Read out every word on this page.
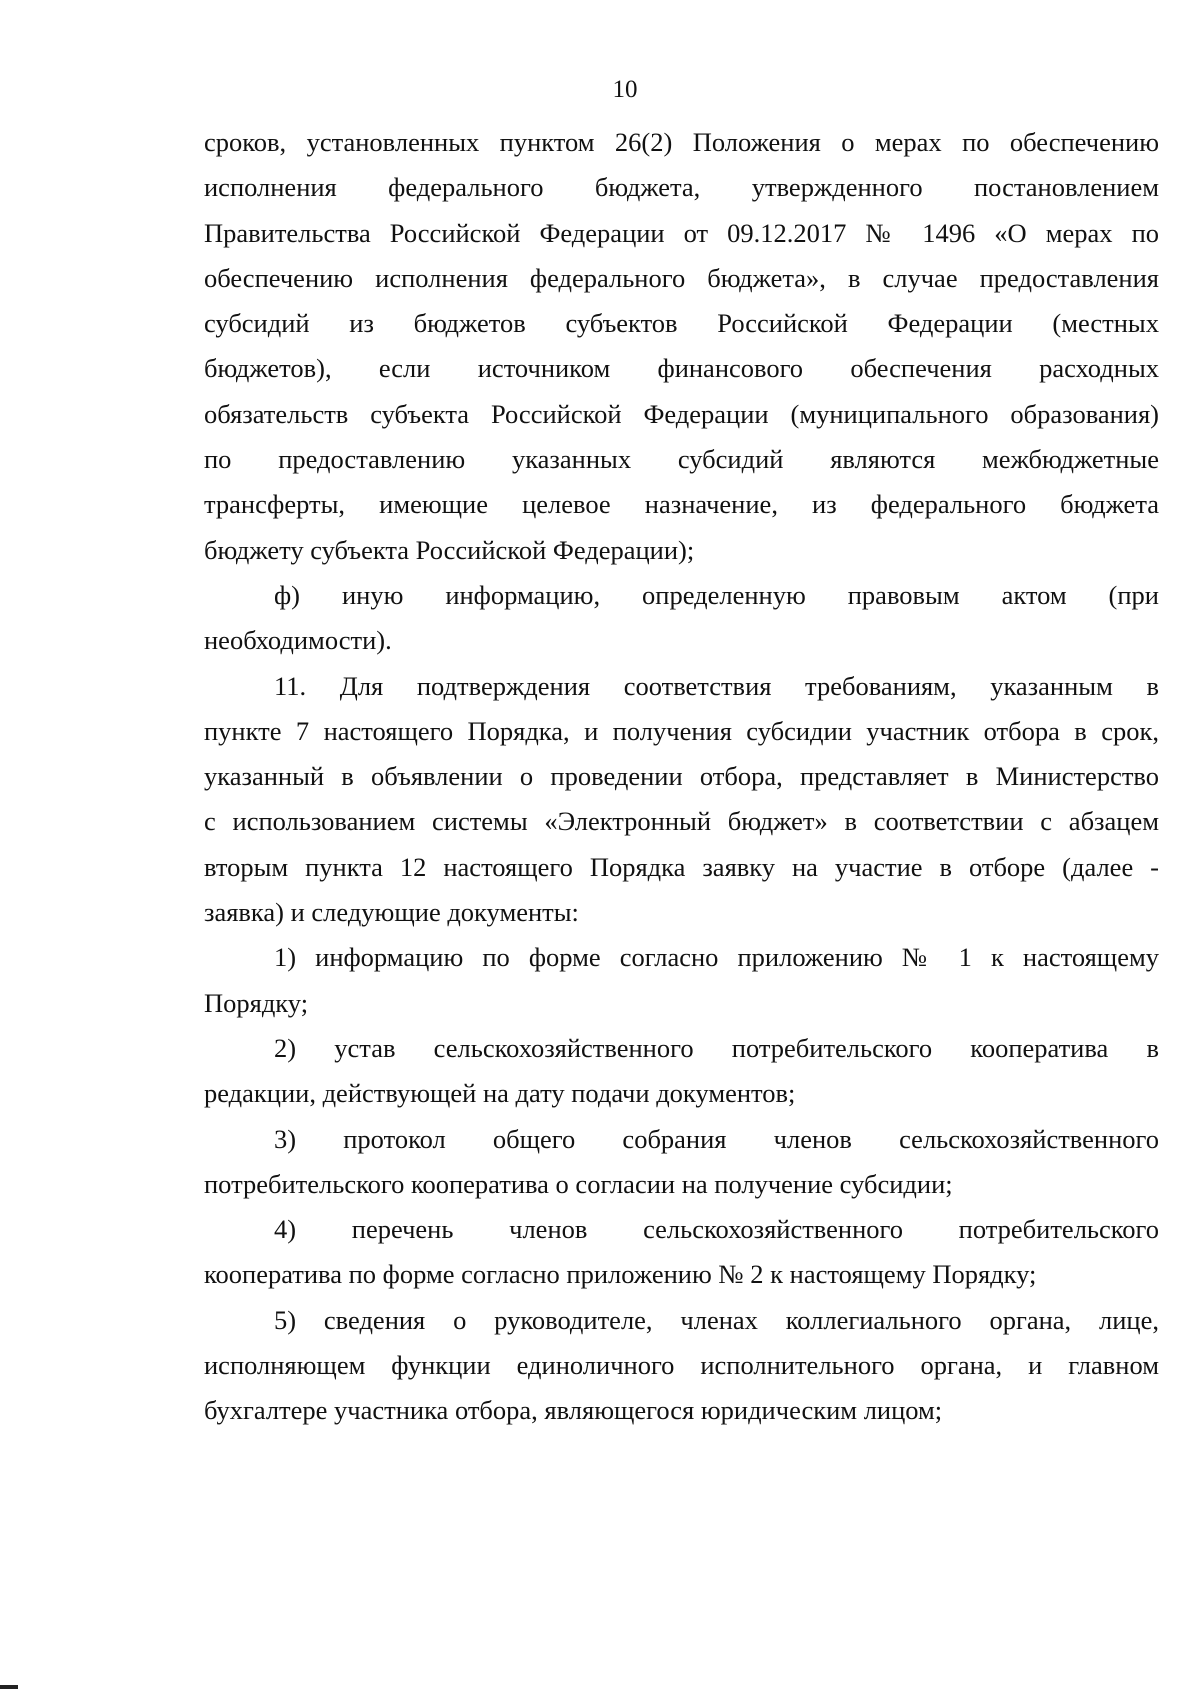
10
сроков, установленных пунктом 26(2) Положения о мерах по обеспечению
исполнения федерального бюджета, утвержденного постановлением
Правительства Российской Федерации от 09.12.2017 № 1496 «О мерах по
обеспечению исполнения федерального бюджета», в случае предоставления
субсидий из бюджетов субъектов Российской Федерации (местных
бюджетов), если источником финансового обеспечения расходных
обязательств субъекта Российской Федерации (муниципального образования)
по предоставлению указанных субсидий являются межбюджетные
трансферты, имеющие целевое назначение, из федерального бюджета
бюджету субъекта Российской Федерации);
ф) иную информацию, определенную правовым актом (при
необходимости).
11. Для подтверждения соответствия требованиям, указанным в
пункте 7 настоящего Порядка, и получения субсидии участник отбора в срок,
указанный в объявлении о проведении отбора, представляет в Министерство
с использованием системы «Электронный бюджет» в соответствии с абзацем
вторым пункта 12 настоящего Порядка заявку на участие в отборе (далее -
заявка) и следующие документы:
1) информацию по форме согласно приложению № 1 к настоящему
Порядку;
2) устав сельскохозяйственного потребительского кооператива в
редакции, действующей на дату подачи документов;
3) протокол общего собрания членов сельскохозяйственного
потребительского кооператива о согласии на получение субсидии;
4) перечень членов сельскохозяйственного потребительского
кооператива по форме согласно приложению № 2 к настоящему Порядку;
5) сведения о руководителе, членах коллегиального органа, лице,
исполняющем функции единоличного исполнительного органа, и главном
бухгалтере участника отбора, являющегося юридическим лицом;
